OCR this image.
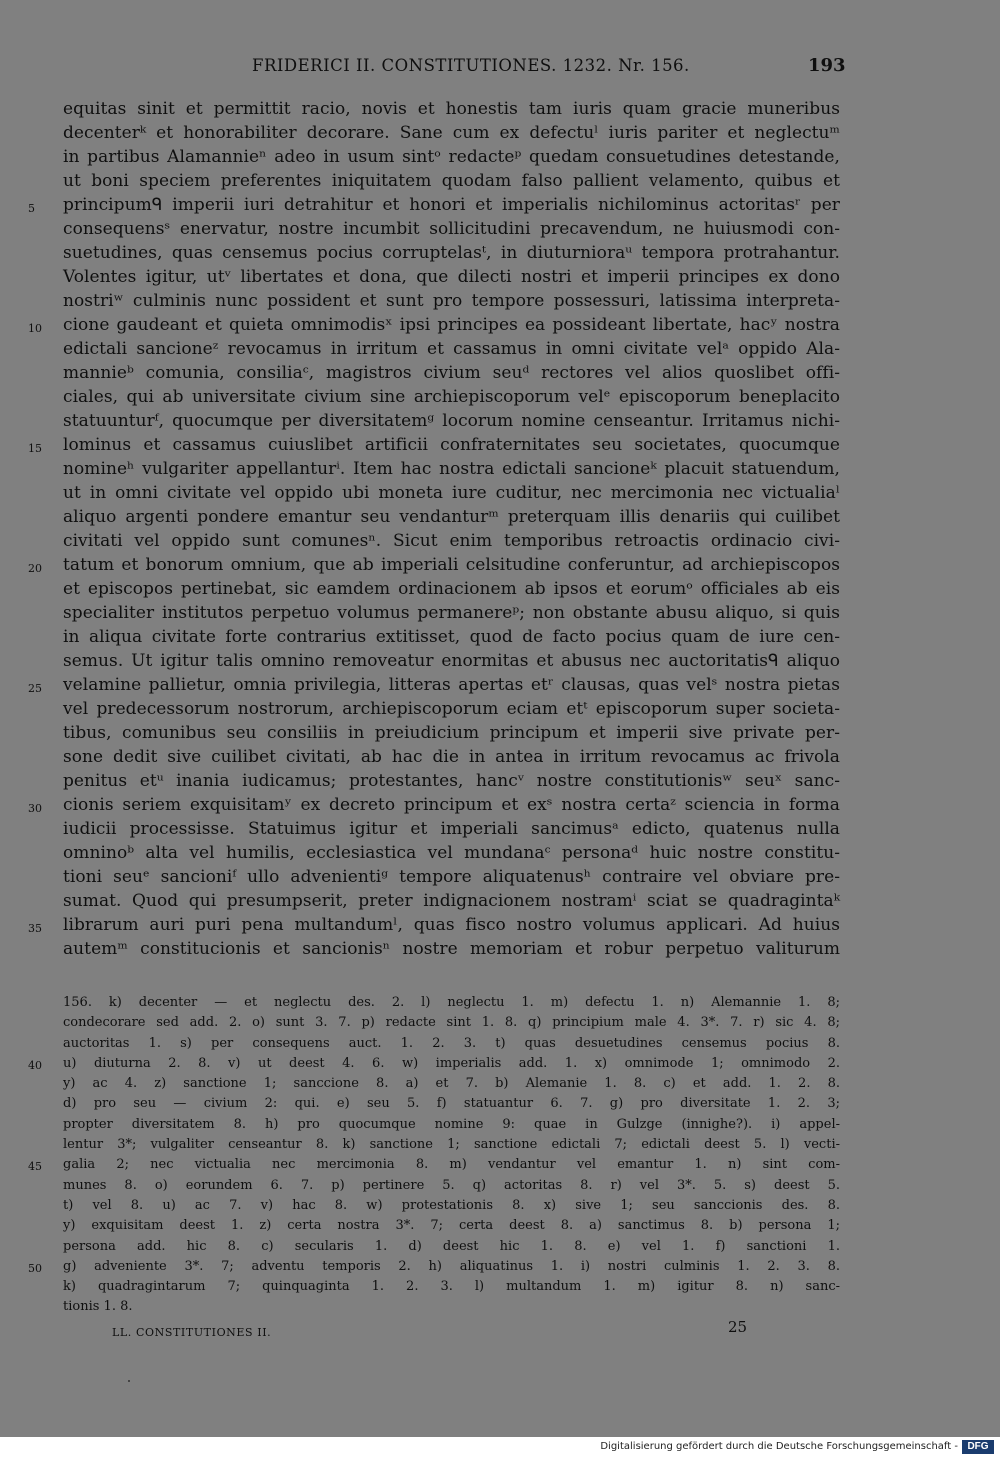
FRIDERICI II. CONSTITUTIONES. 1232. Nr. 156.	193
equitas sinit et permittit racio, novis et honestis tam iuris quam gracie muneribus
decenterᵏ et honorabiliter decorare. Sane cum ex defectuˡ iuris pariter et neglectuᵐ
in partibus Alamannieⁿ adeo in usum sintᵒ redacteᵖ quedam consuetudines detestande,
ut boni speciem preferentes iniquitatem quodam falso pallient velamento, quibus et
5 principumᑫ imperii iuri detrahitur et honori et imperialis nichilominus actoritasʳ per
consequensˢ enervatur, nostre incumbit sollicitudini precavendum, ne huiusmodi con-
suetudines, quas censemus pocius corruptelasᵗ, in diuturnioraᵘ tempora protrahantur.
Volentes igitur, utᵛ libertates et dona, que dilecti nostri et imperii principes ex dono
nostriʷ culminis nunc possident et sunt pro tempore possessuri, latissima interpreta-
10 cione gaudeant et quieta omnimodisˣ ipsi principes ea possideant libertate, hacʸ nostra
edictali sancioneᶻ revocamus in irritum et cassamus in omni civitate velᵃ oppido Ala-
mannieᵇ comunia, consiliaᶜ, magistros civium seuᵈ rectores vel alios quoslibet offi-
ciales, qui ab universitate civium sine archiepiscoporum velᵉ episcoporum beneplacito
statuunturᶠ, quocumque per diversitatemᵍ locorum nomine censeantur. Irritamus nichi-
15 lominus et cassamus cuiuslibet artificii confraternitates seu societates, quocumque
nomineʰ vulgariter appellanturⁱ. Item hac nostra edictali sancioneᵏ placuit statuendum,
ut in omni civitate vel oppido ubi moneta iure cuditur, nec mercimonia nec victualiaˡ
aliquo argenti pondere emantur seu vendanturᵐ preterquam illis denariis qui cuilibet
civitati vel oppido sunt comunesⁿ. Sicut enim temporibus retroactis ordinacio civi-
20 tatum et bonorum omnium, que ab imperiali celsitudine conferuntur, ad archiepiscopos
et episcopos pertinebat, sic eamdem ordinacionem ab ipsos et eorumᵒ officiales ab eis
specialiter institutos perpetuo volumus permanereᵖ; non obstante abusu aliquo, si quis
in aliqua civitate forte contrarius extitisset, quod de facto pocius quam de iure cen-
semus. Ut igitur talis omnino removeatur enormitas et abusus nec auctoritatisᑫ aliquo
25 velamine pallietur, omnia privilegia, litteras apertas etʳ clausas, quas velˢ nostra pietas
vel predecessorum nostrorum, archiepiscoporum eciam etᵗ episcoporum super societa-
tibus, comunibus seu consiliis in preiudicium principum et imperii sive private per-
sone dedit sive cuilibet civitati, ab hac die in antea in irritum revocamus ac frivola
penitus etᵘ inania iudicamus; protestantes, hancᵛ nostre constitutionisʷ seuˣ sanc-
30 cionis seriem exquisitamʸ ex decreto principum et exˢ nostra certaᶻ sciencia in forma
iudicii processisse. Statuimus igitur et imperiali sancimusᵃ edicto, quatenus nulla
omninoᵇ alta vel humilis, ecclesiastica vel mundanaᶜ personaᵈ huic nostre constitu-
tioni seuᵉ sancioniᶠ ullo advenientiᵍ tempore aliquatenusʰ contraire vel obviare pre-
sumat. Quod qui presumpserit, preter indignacionem nostramⁱ sciat se quadragintaᵏ
35 librarum auri puri pena multandumˡ, quas fisco nostro volumus applicari. Ad huius
autemᵐ constitucionis et sancionisⁿ nostre memoriam et robur perpetuo valiturum
156. k) decenter — et neglectu des. 2. l) neglectu 1. m) defectu 1. n) Alemannie 1. 8;
condecorare sed add. 2. o) sunt 3. 7. p) redacte sint 1. 8. q) principium male 4. 3*. 7. r) sic 4. 8;
auctoritas 1. s) per consequens auct. 1. 2. 3. t) quas desuetudines censemus pocius 8.
40 u) diuturna 2. 8. v) ut deest 4. 6. w) imperialis add. 1. x) omnimode 1; omnimodo 2.
y) ac 4. z) sanctione 1; sanccione 8. a) et 7. b) Alemanie 1. 8. c) et add. 1. 2. 8.
d) pro seu — civium 2: qui. e) seu 5. f) statuantur 6. 7. g) pro diversitate 1. 2. 3;
propter diversitatem 8. h) pro quocumque nomine 9: quae in Gulzge (innighe?). i) appel-
lentur 3*; vulgaliter censeantur 8. k) sanctione 1; sanctione edictali 7; edictali deest 5. l) vecti-
45 galia 2; nec victualia nec mercimonia 8. m) vendantur vel emantur 1. n) sint com-
munes 8. o) eorundem 6. 7. p) pertinere 5. q) actoritas 8. r) vel 3*. 5. s) deest 5.
t) vel 8. u) ac 7. v) hac 8. w) protestationis 8. x) sive 1; seu sanccionis des. 8.
y) exquisitam deest 1. z) certa nostra 3*. 7; certa deest 8. a) sanctimus 8. b) persona 1;
persona add. hic 8. c) secularis 1. d) deest hic 1. 8. e) vel 1. f) sanctioni 1.
50 g) adveniente 3*. 7; adventu temporis 2. h) aliquatinus 1. i) nostri culminis 1. 2. 3. 8.
k) quadragintarum 7; quinquaginta 1. 2. 3. l) multandum 1. m) igitur 8. n) sanc-
tionis 1. 8.
LL. CONSTITUTIONES II.	25
Digitalisierung gefördert durch die Deutsche Forschungsgemeinschaft - DFG
